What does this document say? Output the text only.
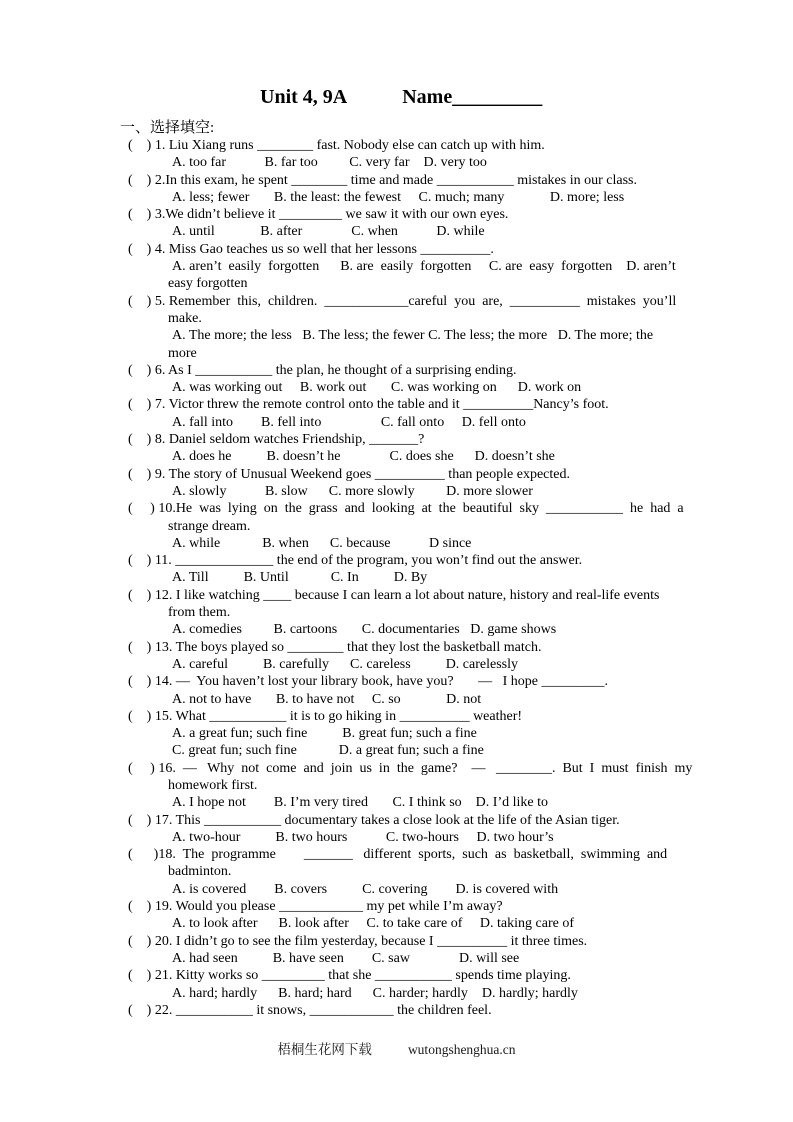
Unit 4, 9A	Name_________
一、选择填空:
(    ) 1. Liu Xiang runs ________ fast. Nobody else can catch up with him.
A. too far           B. far too         C. very far    D. very too
(    ) 2.In this exam, he spent ________ time and made ___________ mistakes in our class.
A. less; fewer       B. the least: the fewest     C. much; many             D. more; less
(    ) 3.We didn’t believe it _________ we saw it with our own eyes.
A. until             B. after              C. when           D. while
(    ) 4. Miss Gao teaches us so well that her lessons __________.
A. aren’t  easily  forgotten      B. are  easily  forgotten     C. are  easy  forgotten    D. aren’t
easy forgotten
(    ) 5. Remember  this,  children.  ____________careful  you  are,  __________  mistakes  you’ll
make.
A. The more; the less   B. The less; the fewer C. The less; the more   D. The more; the
more
(    ) 6. As I ___________ the plan, he thought of a surprising ending.
A. was working out     B. work out       C. was working on      D. work on
(    ) 7. Victor threw the remote control onto the table and it __________Nancy’s foot.
A. fall into        B. fell into                 C. fall onto     D. fell onto
(    ) 8. Daniel seldom watches Friendship, _______?
A. does he          B. doesn’t he              C. does she      D. doesn’t she
(    ) 9. The story of Unusual Weekend goes __________ than people expected.
A. slowly           B. slow      C. more slowly         D. more slower
(     ) 10.He  was  lying  on  the  grass  and  looking  at  the  beautiful  sky  ___________  he  had  a
strange dream.
A. while            B. when      C. because           D since
(    ) 11. ______________ the end of the program, you won’t find out the answer.
A. Till          B. Until            C. In          D. By
(    ) 12. I like watching ____ because I can learn a lot about nature, history and real-life events
from them.
A. comedies         B. cartoons       C. documentaries   D. game shows
(    ) 13. The boys played so ________ that they lost the basketball match.
A. careful          B. carefully      C. careless          D. carelessly
(    ) 14. —  You haven’t lost your library book, have you?       —   I hope _________.
A. not to have       B. to have not     C. so             D. not
(    ) 15. What ___________ it is to go hiking in __________ weather!
A. a great fun; such fine          B. great fun; such a fine
C. great fun; such fine            D. a great fun; such a fine
(     ) 16.  —   Why  not  come  and  join  us  in  the  game?    —   ________.  But  I  must  finish  my
homework first.
A. I hope not        B. I’m very tired       C. I think so    D. I’d like to
(    ) 17. This ___________ documentary takes a close look at the life of the Asian tiger.
A. two-hour          B. two hours           C. two-hours     D. two hour’s
(      )18.  The  programme        _______   different  sports,  such  as  basketball,  swimming  and
badminton.
A. is covered        B. covers          C. covering        D. is covered with
(    ) 19. Would you please ____________ my pet while I’m away?
A. to look after      B. look after     C. to take care of     D. taking care of
(    ) 20. I didn’t go to see the film yesterday, because I __________ it three times.
A. had seen          B. have seen        C. saw              D. will see
(    ) 21. Kitty works so _________ that she ___________ spends time playing.
A. hard; hardly      B. hard; hard      C. harder; hardly    D. hardly; hardly
(    ) 22. ___________ it snows, ____________ the children feel.
梧桐生花网下载	wutongshenghua.cn
